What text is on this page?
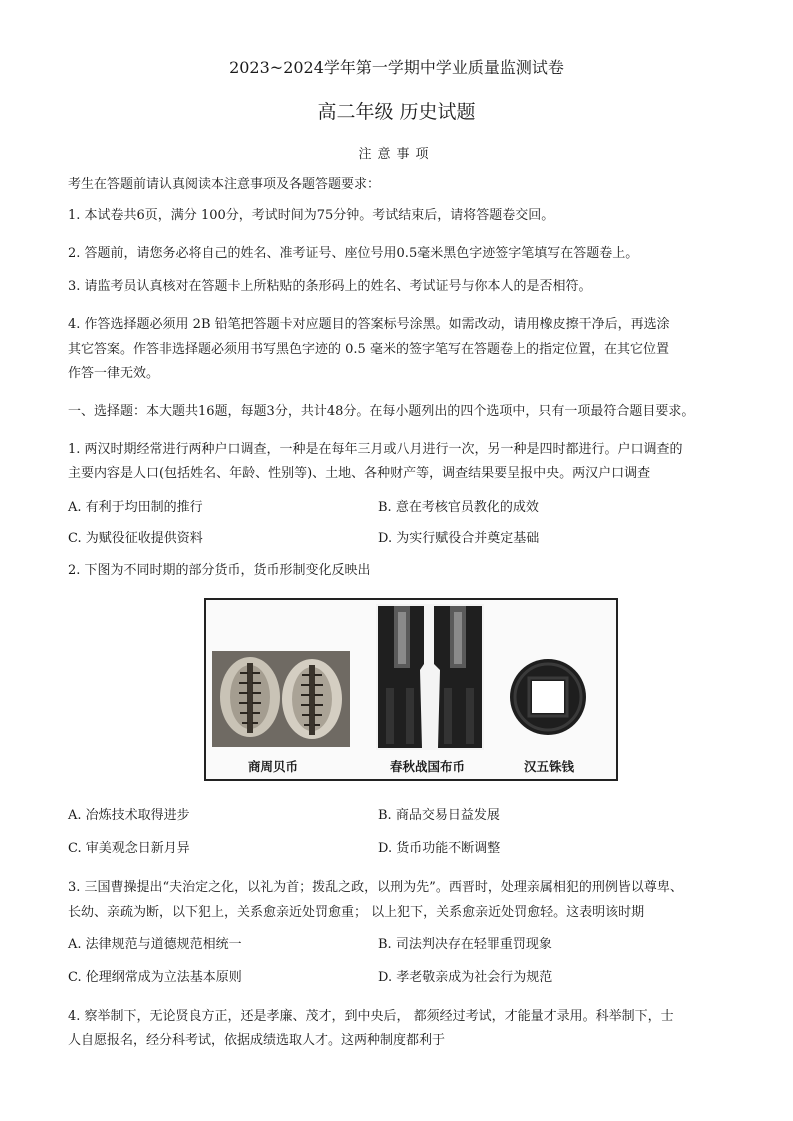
2023~2024学年第一学期中学业质量监测试卷
高二年级 历史试题
注意事项
考生在答题前请认真阅读本注意事项及各题答题要求：
1. 本试卷共6页，满分 100分，考试时间为75分钟。考试结束后，请将答题卷交回。
2. 答题前，请您务必将自己的姓名、准考证号、座位号用0.5毫米黑色字迹签字笔填写在答题卷上。
3. 请监考员认真核对在答题卡上所粘贴的条形码上的姓名、考试证号与你本人的是否相符。
4. 作答选择题必须用 2B 铅笔把答题卡对应题目的答案标号涂黑。如需改动，请用橡皮擦干净后，再选涂
其它答案。作答非选择题必须用书写黑色字迹的 0.5 毫米的签字笔写在答题卷上的指定位置，在其它位置
作答一律无效。
一、选择题：本大题共16题，每题3分，共计48分。在每小题列出的四个选项中，只有一项最符合题目要求。
1. 两汉时期经常进行两种户口调查，一种是在每年三月或八月进行一次，另一种是四时都进行。户口调查的
主要内容是人口(包括姓名、年龄、性别等)、土地、各种财产等，调查结果要呈报中央。两汉户口调查
A. 有利于均田制的推行	B. 意在考核官员教化的成效
C. 为赋役征收提供资料	D. 为实行赋役合并奠定基础
2. 下图为不同时期的部分货币，货币形制变化反映出
商周贝币	春秋战国布币	汉五铢钱
A. 冶炼技术取得进步	B. 商品交易日益发展
C. 审美观念日新月异	D. 货币功能不断调整
3. 三国曹操提出“夫治定之化，以礼为首；拨乱之政，以刑为先”。西晋时，处理亲属相犯的刑例皆以尊卑、
长幼、亲疏为断，以下犯上，关系愈亲近处罚愈重； 以上犯下，关系愈亲近处罚愈轻。这表明该时期
A. 法律规范与道德规范相统一	B. 司法判决存在轻罪重罚现象
C. 伦理纲常成为立法基本原则	D. 孝老敬亲成为社会行为规范
4. 察举制下，无论贤良方正，还是孝廉、茂才，到中央后， 都须经过考试，才能量才录用。科举制下，士
人自愿报名，经分科考试，依据成绩选取人才。这两种制度都利于
